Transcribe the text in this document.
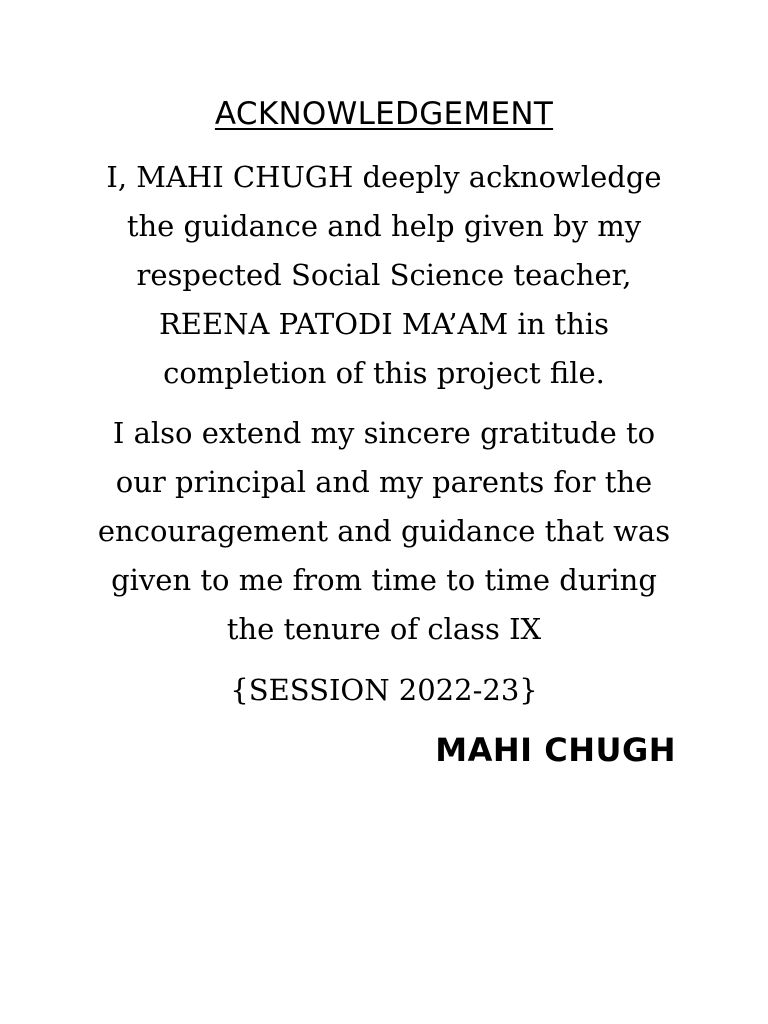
ACKNOWLEDGEMENT
I, MAHI CHUGH deeply acknowledge
the guidance and help given by my
respected Social Science teacher,
REENA PATODI MA’AM in this
completion of this project file.
I also extend my sincere gratitude to
our principal and my parents for the
encouragement and guidance that was
given to me from time to time during
the tenure of class IX
{SESSION 2022-23}
MAHI CHUGH
